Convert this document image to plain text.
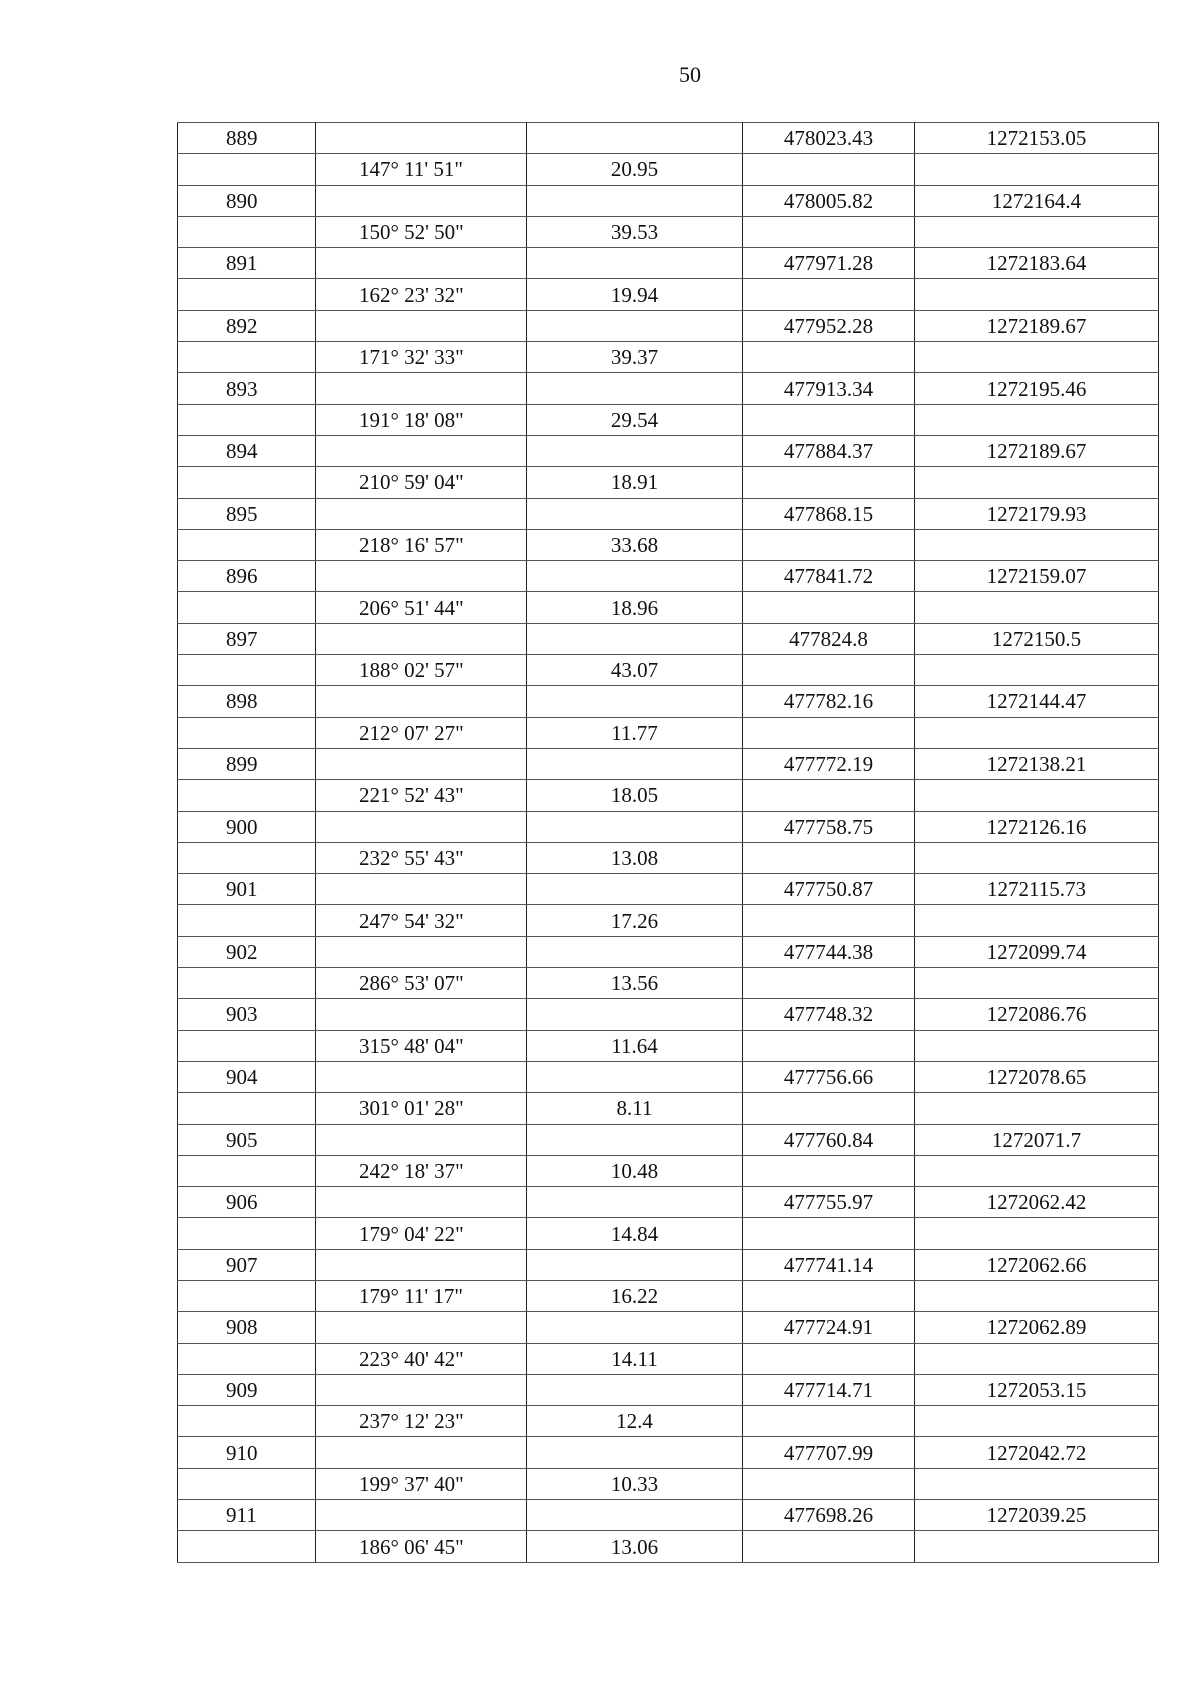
50
889			478023.43	1272153.05
	147° 11' 51"	20.95		
890			478005.82	1272164.4
	150° 52' 50"	39.53		
891			477971.28	1272183.64
	162° 23' 32"	19.94		
892			477952.28	1272189.67
	171° 32' 33"	39.37		
893			477913.34	1272195.46
	191° 18' 08"	29.54		
894			477884.37	1272189.67
	210° 59' 04"	18.91		
895			477868.15	1272179.93
	218° 16' 57"	33.68		
896			477841.72	1272159.07
	206° 51' 44"	18.96		
897			477824.8	1272150.5
	188° 02' 57"	43.07		
898			477782.16	1272144.47
	212° 07' 27"	11.77		
899			477772.19	1272138.21
	221° 52' 43"	18.05		
900			477758.75	1272126.16
	232° 55' 43"	13.08		
901			477750.87	1272115.73
	247° 54' 32"	17.26		
902			477744.38	1272099.74
	286° 53' 07"	13.56		
903			477748.32	1272086.76
	315° 48' 04"	11.64		
904			477756.66	1272078.65
	301° 01' 28"	8.11		
905			477760.84	1272071.7
	242° 18' 37"	10.48		
906			477755.97	1272062.42
	179° 04' 22"	14.84		
907			477741.14	1272062.66
	179° 11' 17"	16.22		
908			477724.91	1272062.89
	223° 40' 42"	14.11		
909			477714.71	1272053.15
	237° 12' 23"	12.4		
910			477707.99	1272042.72
	199° 37' 40"	10.33		
911			477698.26	1272039.25
	186° 06' 45"	13.06		
